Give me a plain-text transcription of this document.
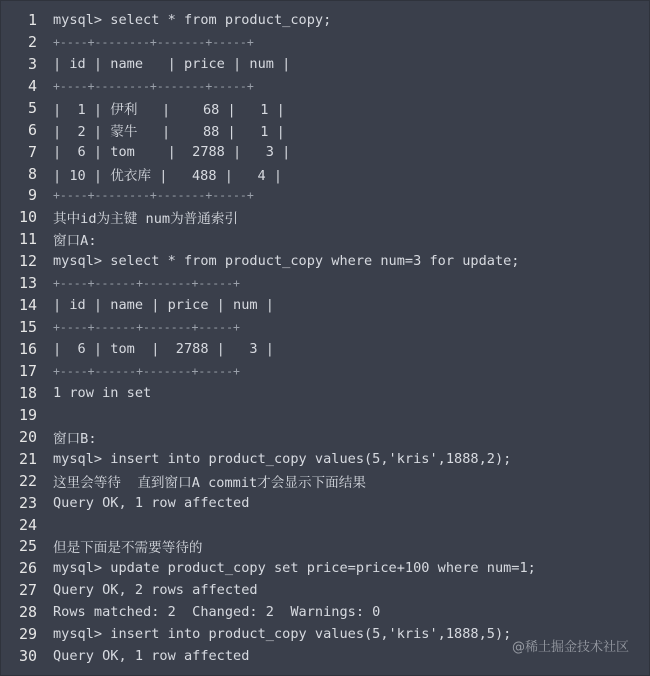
1 mysql> select * from product_copy;
2 +----+--------+-------+-----+
3 | id | name   | price | num |
4 +----+--------+-------+-----+
5 |  1 | 伊利   |    68 |   1 |
6 |  2 | 蒙牛   |    88 |   1 |
7 |  6 | tom    |  2788 |   3 |
8 | 10 | 优衣库 |   488 |   4 |
9 +----+--------+-------+-----+
10 其中id为主键 num为普通索引
11 窗口A:
12 mysql> select * from product_copy where num=3 for update;
13 +----+------+-------+-----+
14 | id | name | price | num |
15 +----+------+-------+-----+
16 |  6 | tom  |  2788 |   3 |
17 +----+------+-------+-----+
18 1 row in set
19
20 窗口B:
21 mysql> insert into product_copy values(5,'kris',1888,2);
22 这里会等待  直到窗口A commit才会显示下面结果
23 Query OK, 1 row affected
24
25 但是下面是不需要等待的
26 mysql> update product_copy set price=price+100 where num=1;
27 Query OK, 2 rows affected
28 Rows matched: 2  Changed: 2  Warnings: 0
29 mysql> insert into product_copy values(5,'kris',1888,5);
30 Query OK, 1 row affected
@稀土掘金技术社区
